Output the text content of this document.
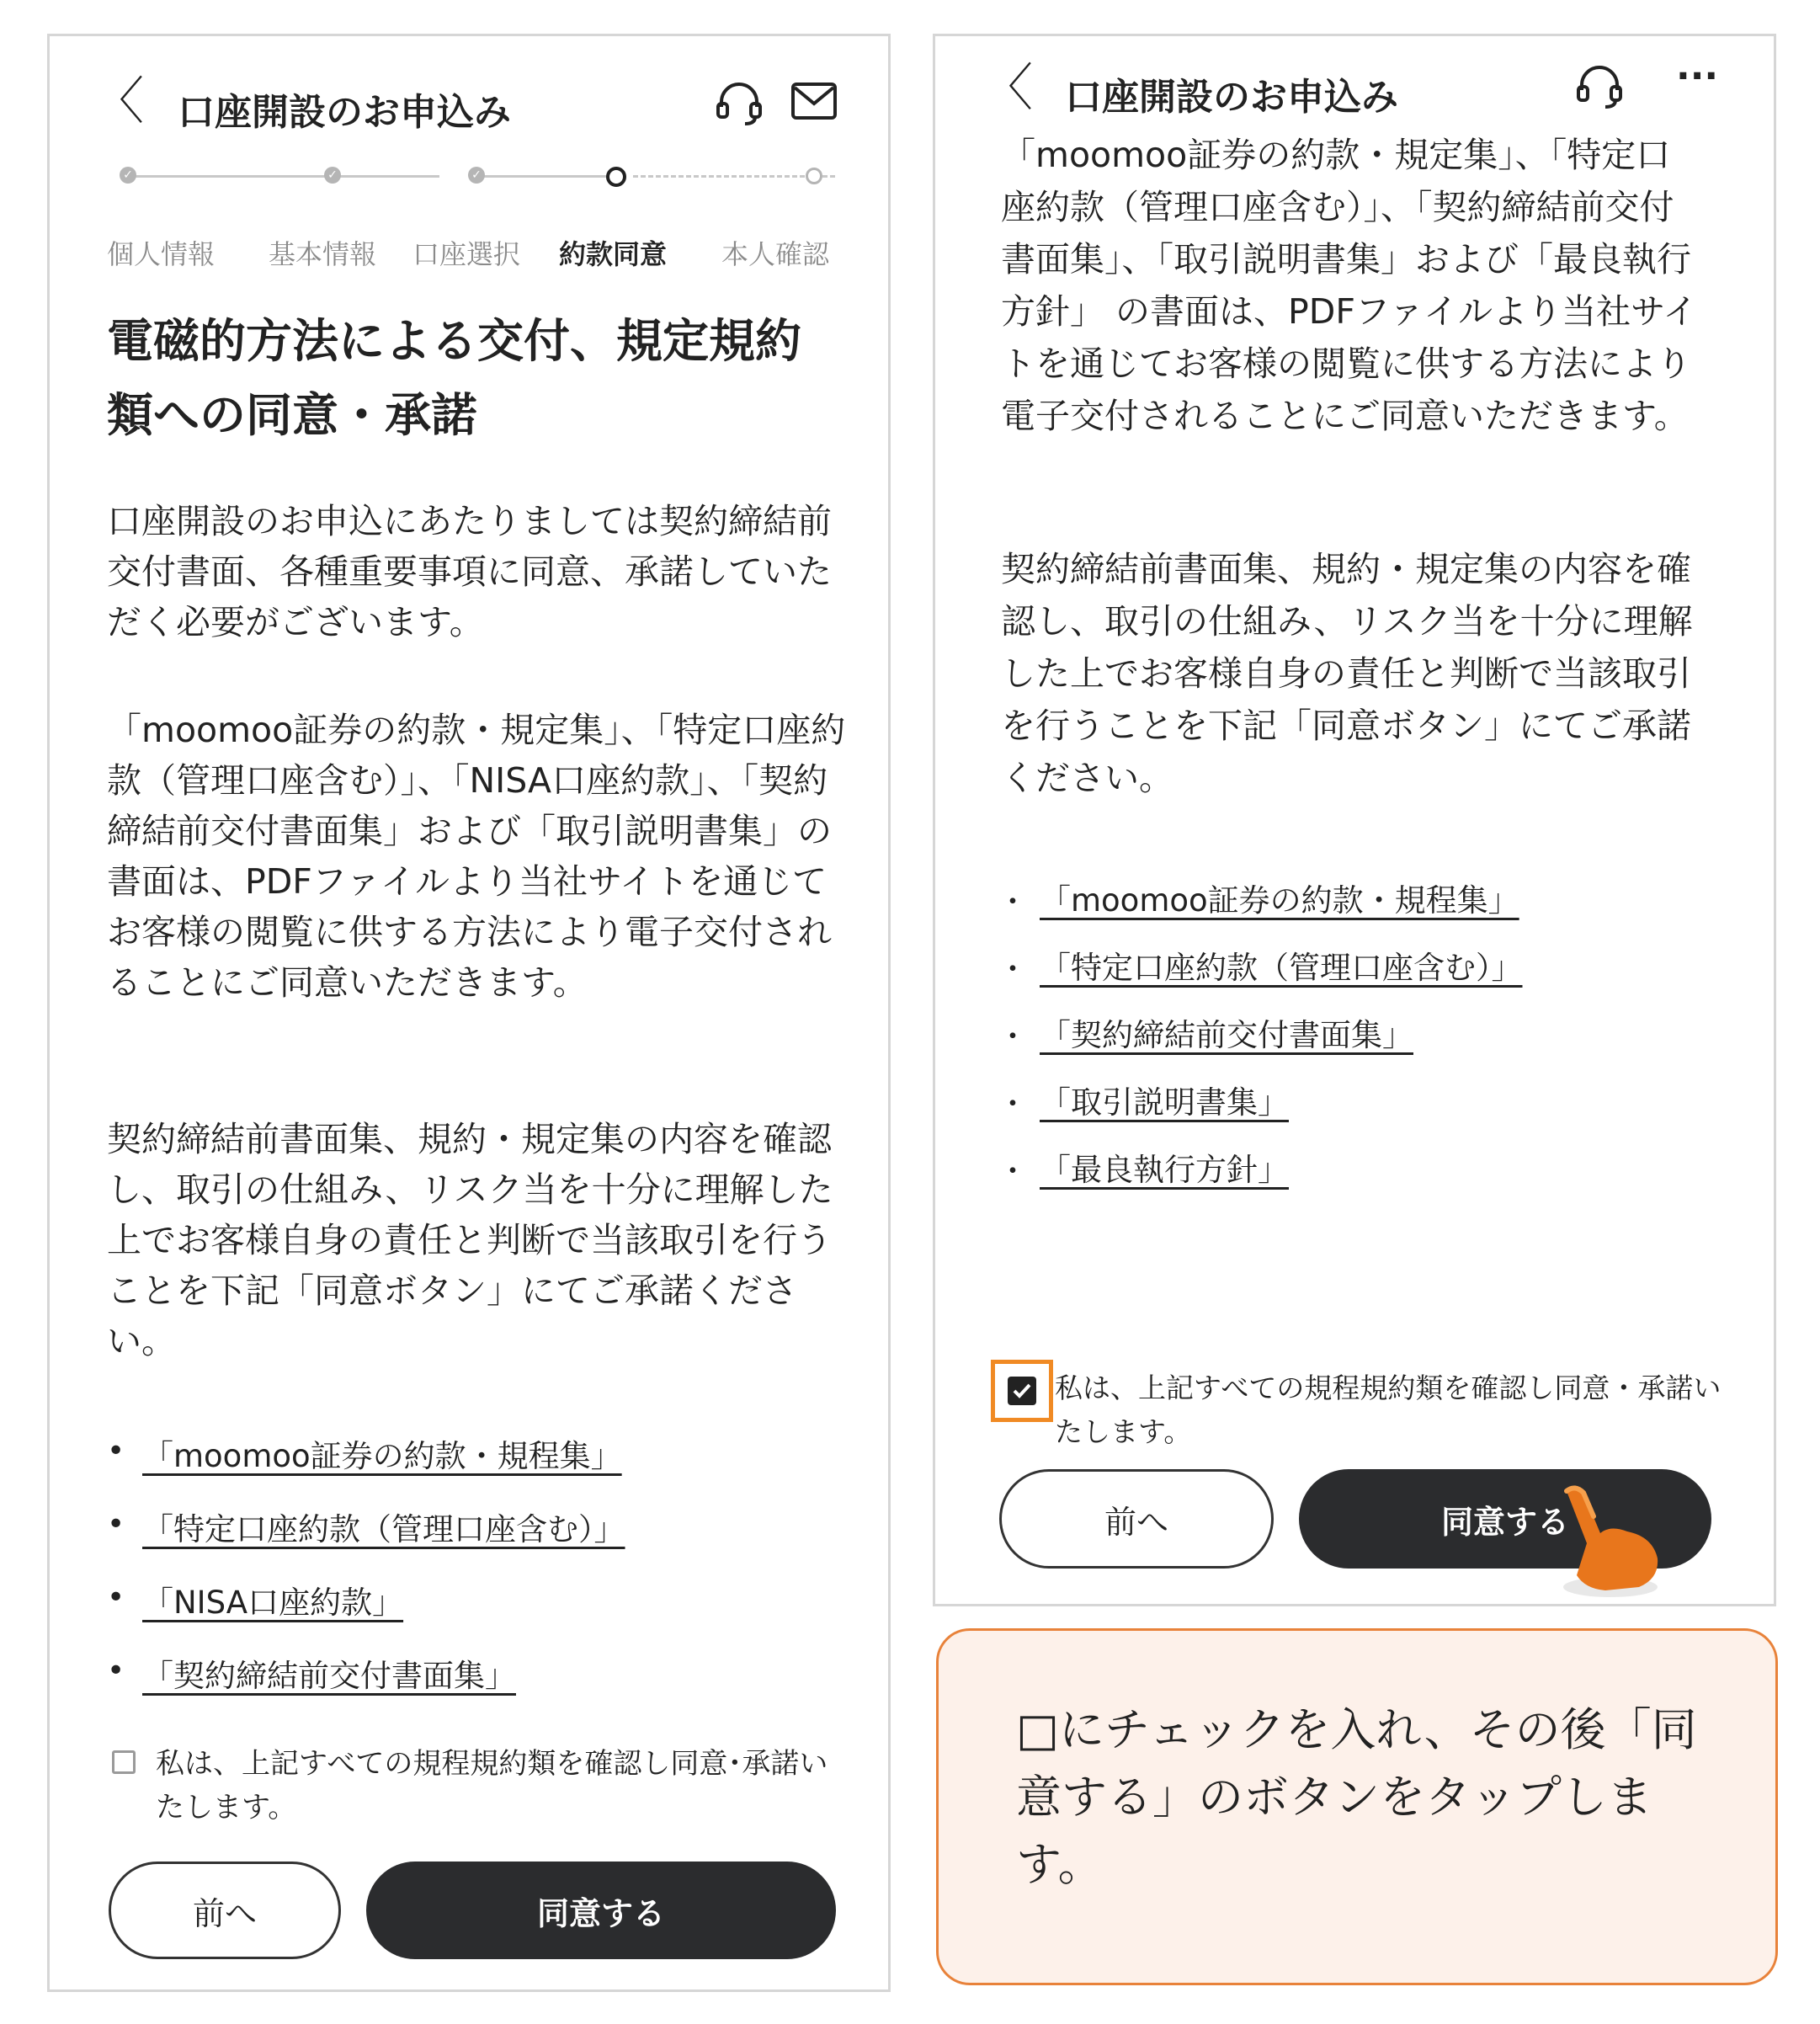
〈 口座開設のお申込み
✓	✓	✓
個人情報 基本情報 口座選択 約款同意 本人確認
電磁的方法による交付、規定規約類への同意・承諾
口座開設のお申込にあたりましては契約締結前交付書面、各種重要事項に同意、承諾していただく必要がございます。
「moomoo証券の約款・規定集」、「特定口座約款（管理口座含む）」、「NISA口座約款」、「契約締結前交付書面集」および「取引説明書集」の書面は、PDFファイルより当社サイトを通じてお客様の閲覧に供する方法により電子交付されることにご同意いただきます。
契約締結前書面集、規約・規定集の内容を確認し、取引の仕組み、リスク当を十分に理解した上でお客様自身の責任と判断で当該取引を行うことを下記「同意ボタン」にてご承諾ください。
• 「moomoo証券の約款・規程集」
• 「特定口座約款（管理口座含む）」
• 「NISA口座約款」
• 「契約締結前交付書面集」
私は、上記すべての規程規約類を確認し同意･承諾いたします。
前へ	同意する
〈 口座開設のお申込み	···
「moomoo証券の約款・規定集」、「特定口座約款（管理口座含む）」、「契約締結前交付書面集」、「取引説明書集」および「最良執行方針」 の書面は、PDFファイルより当社サイトを通じてお客様の閲覧に供する方法により電子交付されることにご同意いただきます。
契約締結前書面集、規約・規定集の内容を確認し、取引の仕組み、リスク当を十分に理解した上でお客様自身の責任と判断で当該取引を行うことを下記「同意ボタン」にてご承諾ください。
・ 「moomoo証券の約款・規程集」
・ 「特定口座約款（管理口座含む）」
・ 「契約締結前交付書面集」
・ 「取引説明書集」
・ 「最良執行方針」
私は、上記すべての規程規約類を確認し同意・承諾いたします。
前へ	同意する
□にチェックを入れ、その後「同意する」のボタンをタップします。
